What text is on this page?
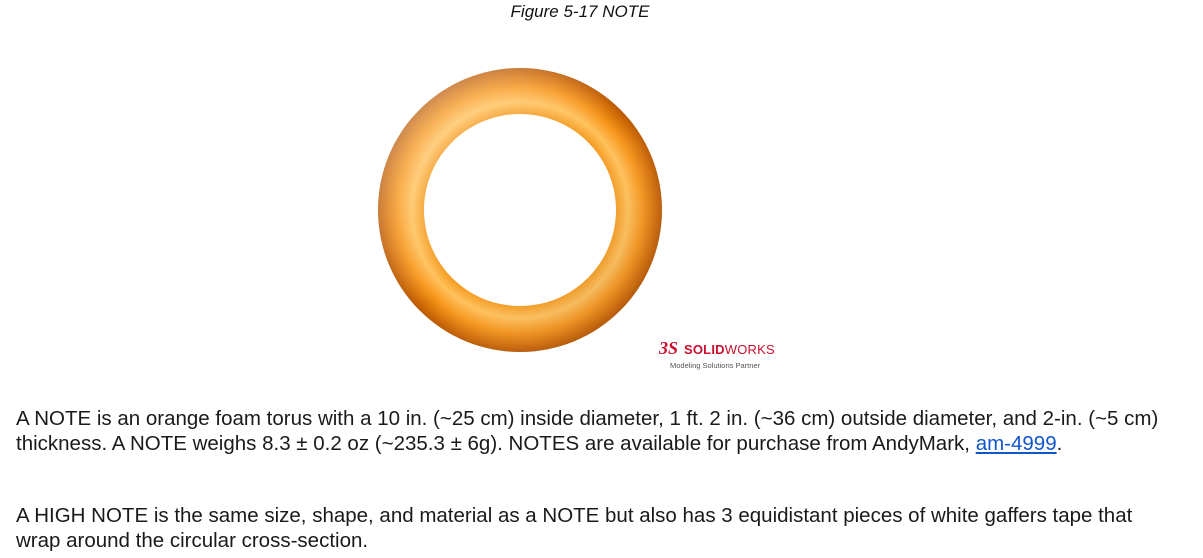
Figure 5-17 NOTE
3S SOLIDWORKS
Modeling Solutions Partner
A NOTE is an orange foam torus with a 10 in. (~25 cm) inside diameter, 1 ft. 2 in. (~36 cm) outside diameter, and 2-in. (~5 cm) thickness. A NOTE weighs 8.3 ± 0.2 oz (~235.3 ± 6g). NOTES are available for purchase from AndyMark, am-4999.
A HIGH NOTE is the same size, shape, and material as a NOTE but also has 3 equidistant pieces of white gaffers tape that wrap around the circular cross-section.
